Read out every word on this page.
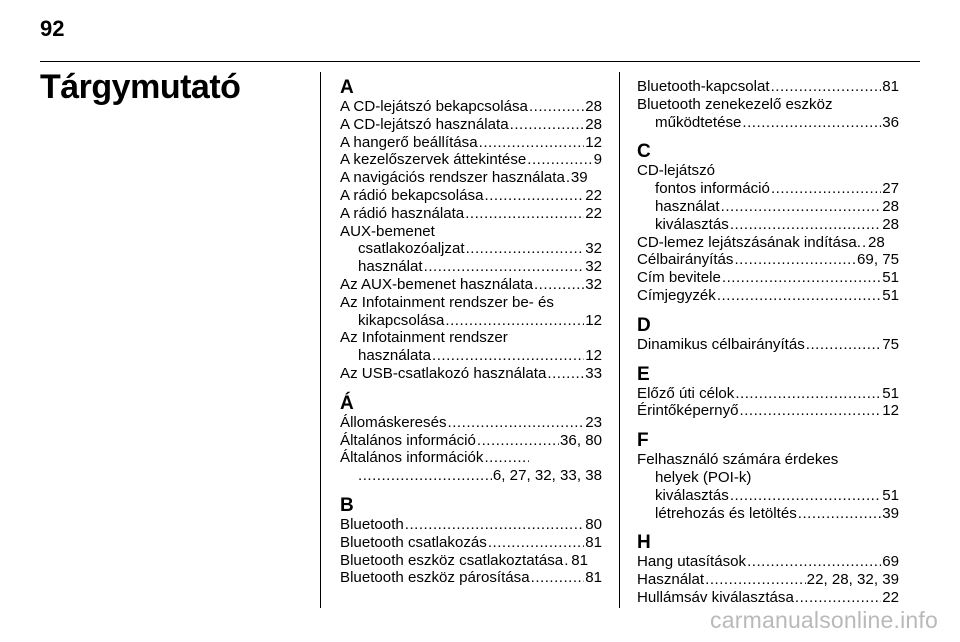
92
Tárgymutató	A
A CD-lejátszó bekapcsolása .....	28
A CD-lejátszó használata .....	28
A hangerő beállítása .....	12
A kezelőszervek áttekintése .....	9
A navigációs rendszer használata ..... 39
A rádió bekapcsolása .....	22
A rádió használata .....	22
AUX-bemenet
csatlakozóaljzat .....	32
használat .....	32
Az AUX-bemenet használata .....	32
Az Infotainment rendszer be- és
kikapcsolása .....	12
Az Infotainment rendszer
használata .....	12
Az USB-csatlakozó használata .....	33
Á
Állomáskeresés .....	23
Általános információ .....	36, 80
Általános információk
.....
.....
6, 27, 32, 33, 38
B
Bluetooth .....	80
Bluetooth csatlakozás .....	81
Bluetooth eszköz csatlakoztatása ..... 81
Bluetooth eszköz párosítása .....	81
Bluetooth-kapcsolat .....	81
Bluetooth zenekezelő eszköz
működtetése .....	36
C
CD-lejátszó
fontos információ .....	27
használat .....	28
kiválasztás .....	28
CD-lemez lejátszásának indítása. ..... 28
Célbairányítás .....	69, 75
Cím bevitele .....	51
Címjegyzék .....	51
D
Dinamikus célbairányítás .....	75
E
Előző úti célok .....	51
Érintőképernyő .....	12
F
Felhasználó számára érdekes
helyek (POI-k)
kiválasztás .....	51
létrehozás és letöltés .....	39
H
Hang utasítások .....	69
Használat .....	22, 28, 32, 39
Hullámsáv kiválasztása .....	22
carmanualsonline.info
